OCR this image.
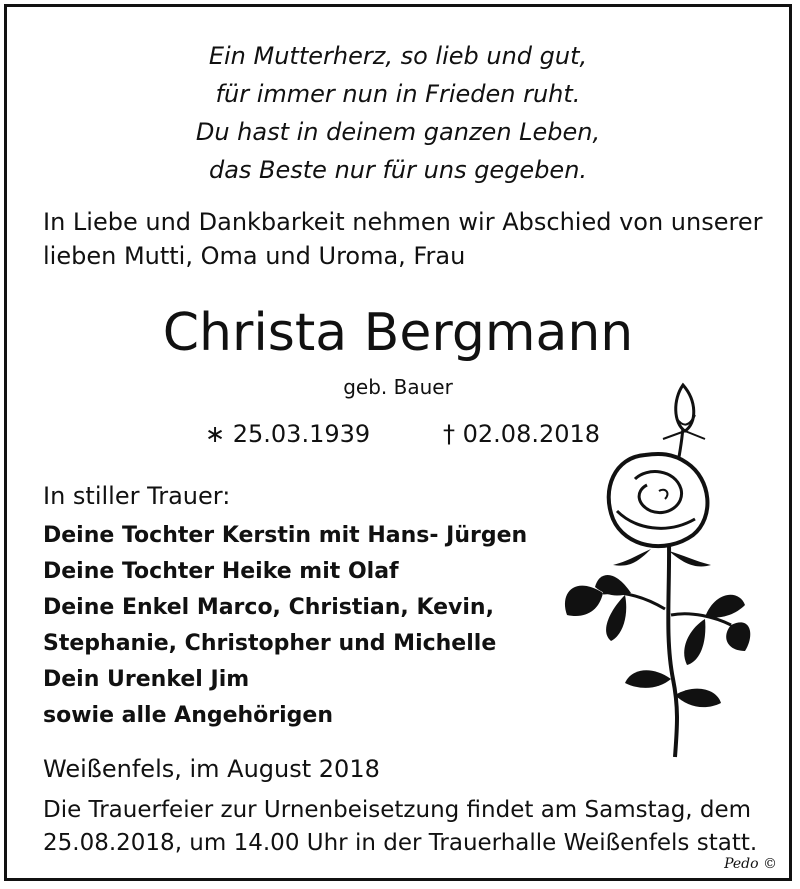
Ein Mutterherz, so lieb und gut,
für immer nun in Frieden ruht.
Du hast in deinem ganzen Leben,
das Beste nur für uns gegeben.
In Liebe und Dankbarkeit nehmen wir Abschied von unserer
lieben Mutti, Oma und Uroma, Frau
Christa Bergmann
geb. Bauer
∗ 25.03.1939	† 02.08.2018
In stiller Trauer:
Deine Tochter Kerstin mit Hans- Jürgen
Deine Tochter Heike mit Olaf
Deine Enkel Marco, Christian, Kevin,
Stephanie, Christopher und Michelle
Dein Urenkel Jim
sowie alle Angehörigen
Weißenfels, im August 2018
Die Trauerfeier zur Urnenbeisetzung findet am Samstag, dem
25.08.2018, um 14.00 Uhr in der Trauerhalle Weißenfels statt.
Pedo ©
